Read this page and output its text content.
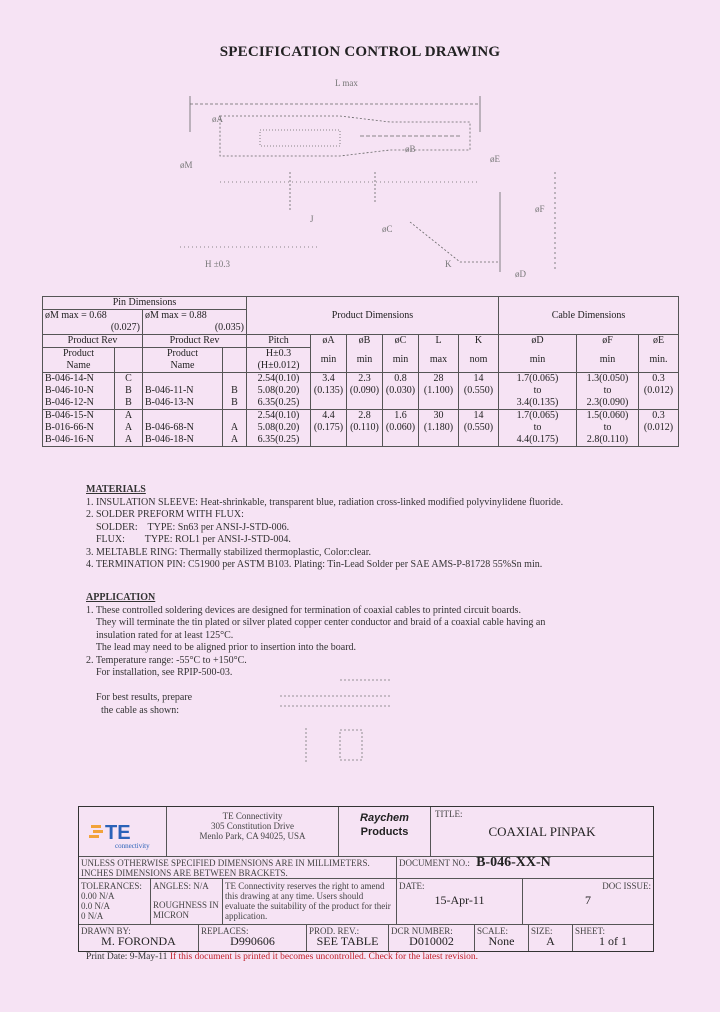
SPECIFICATION CONTROL DRAWING
L max
øA
øM
H ±0.3
øC
K
øD
øF
øB
øE
J
Pin Dimensions				Product Dimensions						Cable Dimensions		
øM max = 0.68		øM max = 0.88										
(0.027)		(0.035)										
Product Rev		Product Rev		Pitch	øA	øB	øC	L	K	øD	øF	øE
Product		Product		H±0.3	min	min	min	max	nom	min	min	min.
Name		Name		(H±0.012)								
B-046-14-N	C			2.54(0.10)	3.4	2.3	0.8	28	14	1.7(0.065)	1.3(0.050)	0.3
B-046-10-N	B	B-046-11-N	B	5.08(0.20)	(0.135)	(0.090)	(0.030)	(1.100)	(0.550)	to	to	(0.012)
B-046-12-N	B	B-046-13-N	B	6.35(0.25)						3.4(0.135)	2.3(0.090)	
B-046-15-N	A			2.54(0.10)	4.4	2.8	1.6	30	14	1.7(0.065)	1.5(0.060)	0.3
B-016-66-N	A	B-046-68-N	A	5.08(0.20)	(0.175)	(0.110)	(0.060)	(1.180)	(0.550)	to	to	(0.012)
B-046-16-N	A	B-046-18-N	A	6.35(0.25)						4.4(0.175)	2.8(0.110)	
MATERIALS
1. INSULATION SLEEVE: Heat-shrinkable, transparent blue, radiation cross-linked modified polyvinylidene fluoride.
2. SOLDER PREFORM WITH FLUX:
SOLDER:    TYPE: Sn63 per ANSI-J-STD-006.
FLUX:        TYPE: ROL1 per ANSI-J-STD-004.
3. MELTABLE RING: Thermally stabilized thermoplastic, Color:clear.
4. TERMINATION PIN: C51900 per ASTM B103. Plating: Tin-Lead Solder per SAE AMS-P-81728 55%Sn min.
APPLICATION
1. These controlled soldering devices are designed for termination of coaxial cables to printed circuit boards.
They will terminate the tin plated or silver plated copper center conductor and braid of a coaxial cable having an
insulation rated for at least 125°C.
The lead may need to be aligned prior to insertion into the board.
2. Temperature range: -55°C to +150°C.
For installation, see RPIP-500-03.
For best results, prepare
the cable as shown:
TE
connectivity
TE Connectivity
305 Constitution Drive
Menlo Park, CA 94025, USA
Raychem
Products
TITLE:
COAXIAL PINPAK
UNLESS OTHERWISE SPECIFIED DIMENSIONS ARE IN MILLIMETERS.
INCHES DIMENSIONS ARE BETWEEN BRACKETS.
DOCUMENT NO.: B-046-XX-N
TOLERANCES:
0.00 N/A
0.0 N/A
0 N/A
ANGLES: N/A
ROUGHNESS IN
MICRON
TE Connectivity reserves the right to amend this drawing at any time. Users should evaluate the suitability of the product for their application.
DATE:
15-Apr-11
DOC ISSUE:
7
DRAWN BY:
M. FORONDA
REPLACES:
D990606
PROD. REV.:
SEE TABLE
DCR NUMBER:
D010002
SCALE:
None
SIZE:
A
SHEET:
1 of 1
Print Date: 9-May-11 If this document is printed it becomes uncontrolled. Check for the latest revision.
